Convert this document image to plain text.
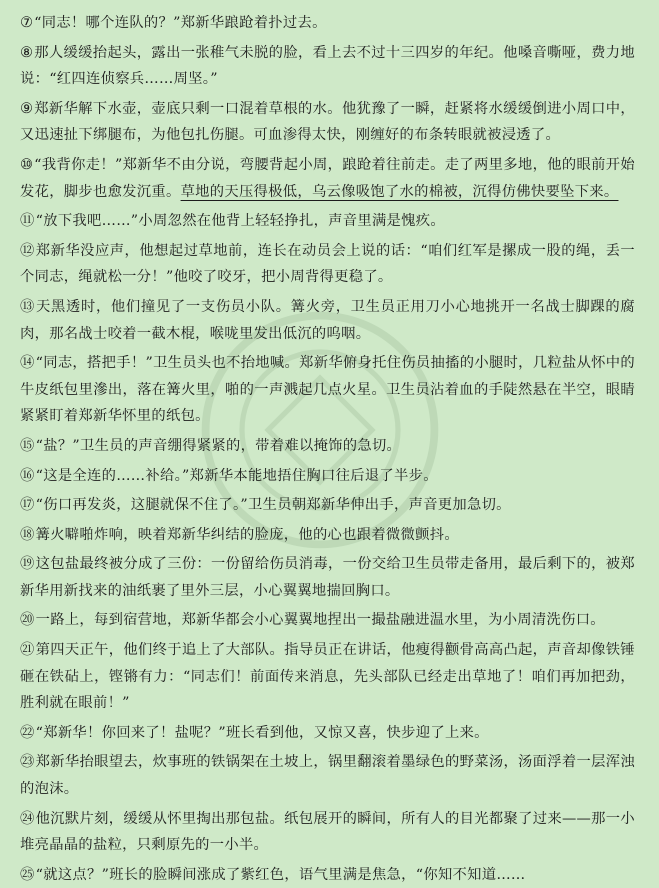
⑦“同志！哪个连队的？”郑新华踉跄着扑过去。

⑧那人缓缓抬起头，露出一张稚气未脱的脸，看上去不过十三四岁的年纪。他嗓音嘶哑，费力地说：“红四连侦察兵……周坚。”

⑨郑新华解下水壶，壶底只剩一口混着草根的水。他犹豫了一瞬，赶紧将水缓缓倒进小周口中，又迅速扯下绑腿布，为他包扎伤腿。可血渗得太快，刚缠好的布条转眼就被浸透了。

⑩“我背你走！”郑新华不由分说，弯腰背起小周，踉跄着往前走。走了两里多地，他的眼前开始发花，脚步也愈发沉重。草地的天压得极低，乌云像吸饱了水的棉被，沉得仿佛快要坠下来。

⑪“放下我吧……”小周忽然在他背上轻轻挣扎，声音里满是愧疚。

⑫郑新华没应声，他想起过草地前，连长在动员会上说的话：“咱们红军是摞成一股的绳，丢一个同志，绳就松一分！”他咬了咬牙，把小周背得更稳了。

⑬天黑透时，他们撞见了一支伤员小队。篝火旁，卫生员正用刀小心地挑开一名战士脚踝的腐肉，那名战士咬着一截木棍，喉咙里发出低沉的呜咽。

⑭“同志，搭把手！”卫生员头也不抬地喊。郑新华俯身托住伤员抽搐的小腿时，几粒盐从怀中的牛皮纸包里滲出，落在篝火里，啪的一声溅起几点火星。卫生员沾着血的手陡然悬在半空，眼睛紧紧盯着郑新华怀里的纸包。

⑮“盐？”卫生员的声音绷得紧紧的，带着难以掩饰的急切。

⑯“这是全连的……补给。”郑新华本能地捂住胸口往后退了半步。

⑰“伤口再发炎，这腿就保不住了。”卫生员朝郑新华伸出手，声音更加急切。

⑱篝火噼啪炸响，映着郑新华纠结的脸庞，他的心也跟着微微颤抖。

⑲这包盐最终被分成了三份：一份留给伤员消毒，一份交给卫生员带走备用，最后剩下的，被郑新华用新找来的油纸裹了里外三层，小心翼翼地揣回胸口。

⑳一路上，每到宿营地，郑新华都会小心翼翼地捏出一撮盐融进温水里，为小周清洗伤口。

㉑第四天正午，他们终于追上了大部队。指导员正在讲话，他瘦得颧骨高高凸起，声音却像铁锤砸在铁砧上，铿锵有力：“同志们！前面传来消息，先头部队已经走出草地了！咱们再加把劲，胜利就在眼前！”

㉒“郑新华！你回来了！盐呢？”班长看到他，又惊又喜，快步迎了上来。

㉓郑新华抬眼望去，炊事班的铁锅架在土坡上，锅里翻滚着墨绿色的野菜汤，汤面浮着一层浑浊的泡沫。

㉔他沉默片刻，缓缓从怀里掏出那包盐。纸包展开的瞬间，所有人的目光都聚了过来——那一小堆亮晶晶的盐粒，只剩原先的一小半。

㉕“就这点？”班长的脸瞬间涨成了紫红色，语气里满是焦急，“你知不知道……
